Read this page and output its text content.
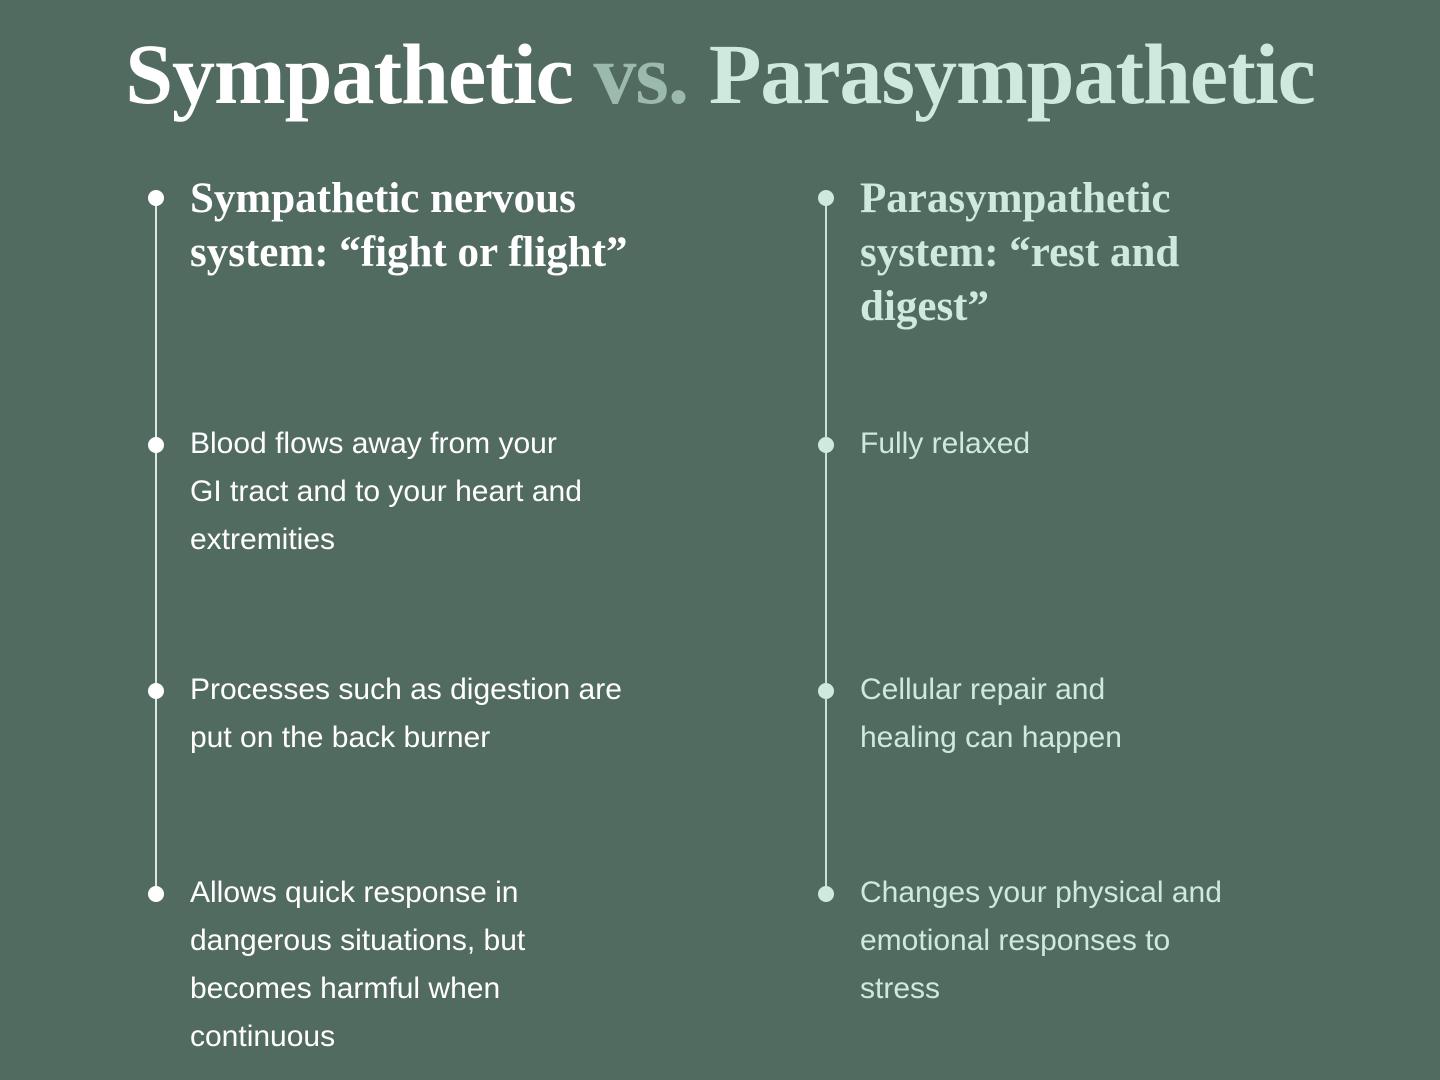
Sympathetic vs. Parasympathetic
Sympathetic nervous system: “fight or flight”

Blood flows away from your GI tract and to your heart and extremities

Processes such as digestion are put on the back burner

Allows quick response in dangerous situations, but becomes harmful when continuous

Parasympathetic system: “rest and digest”

Fully relaxed

Cellular repair and healing can happen

Changes your physical and emotional responses to stress
